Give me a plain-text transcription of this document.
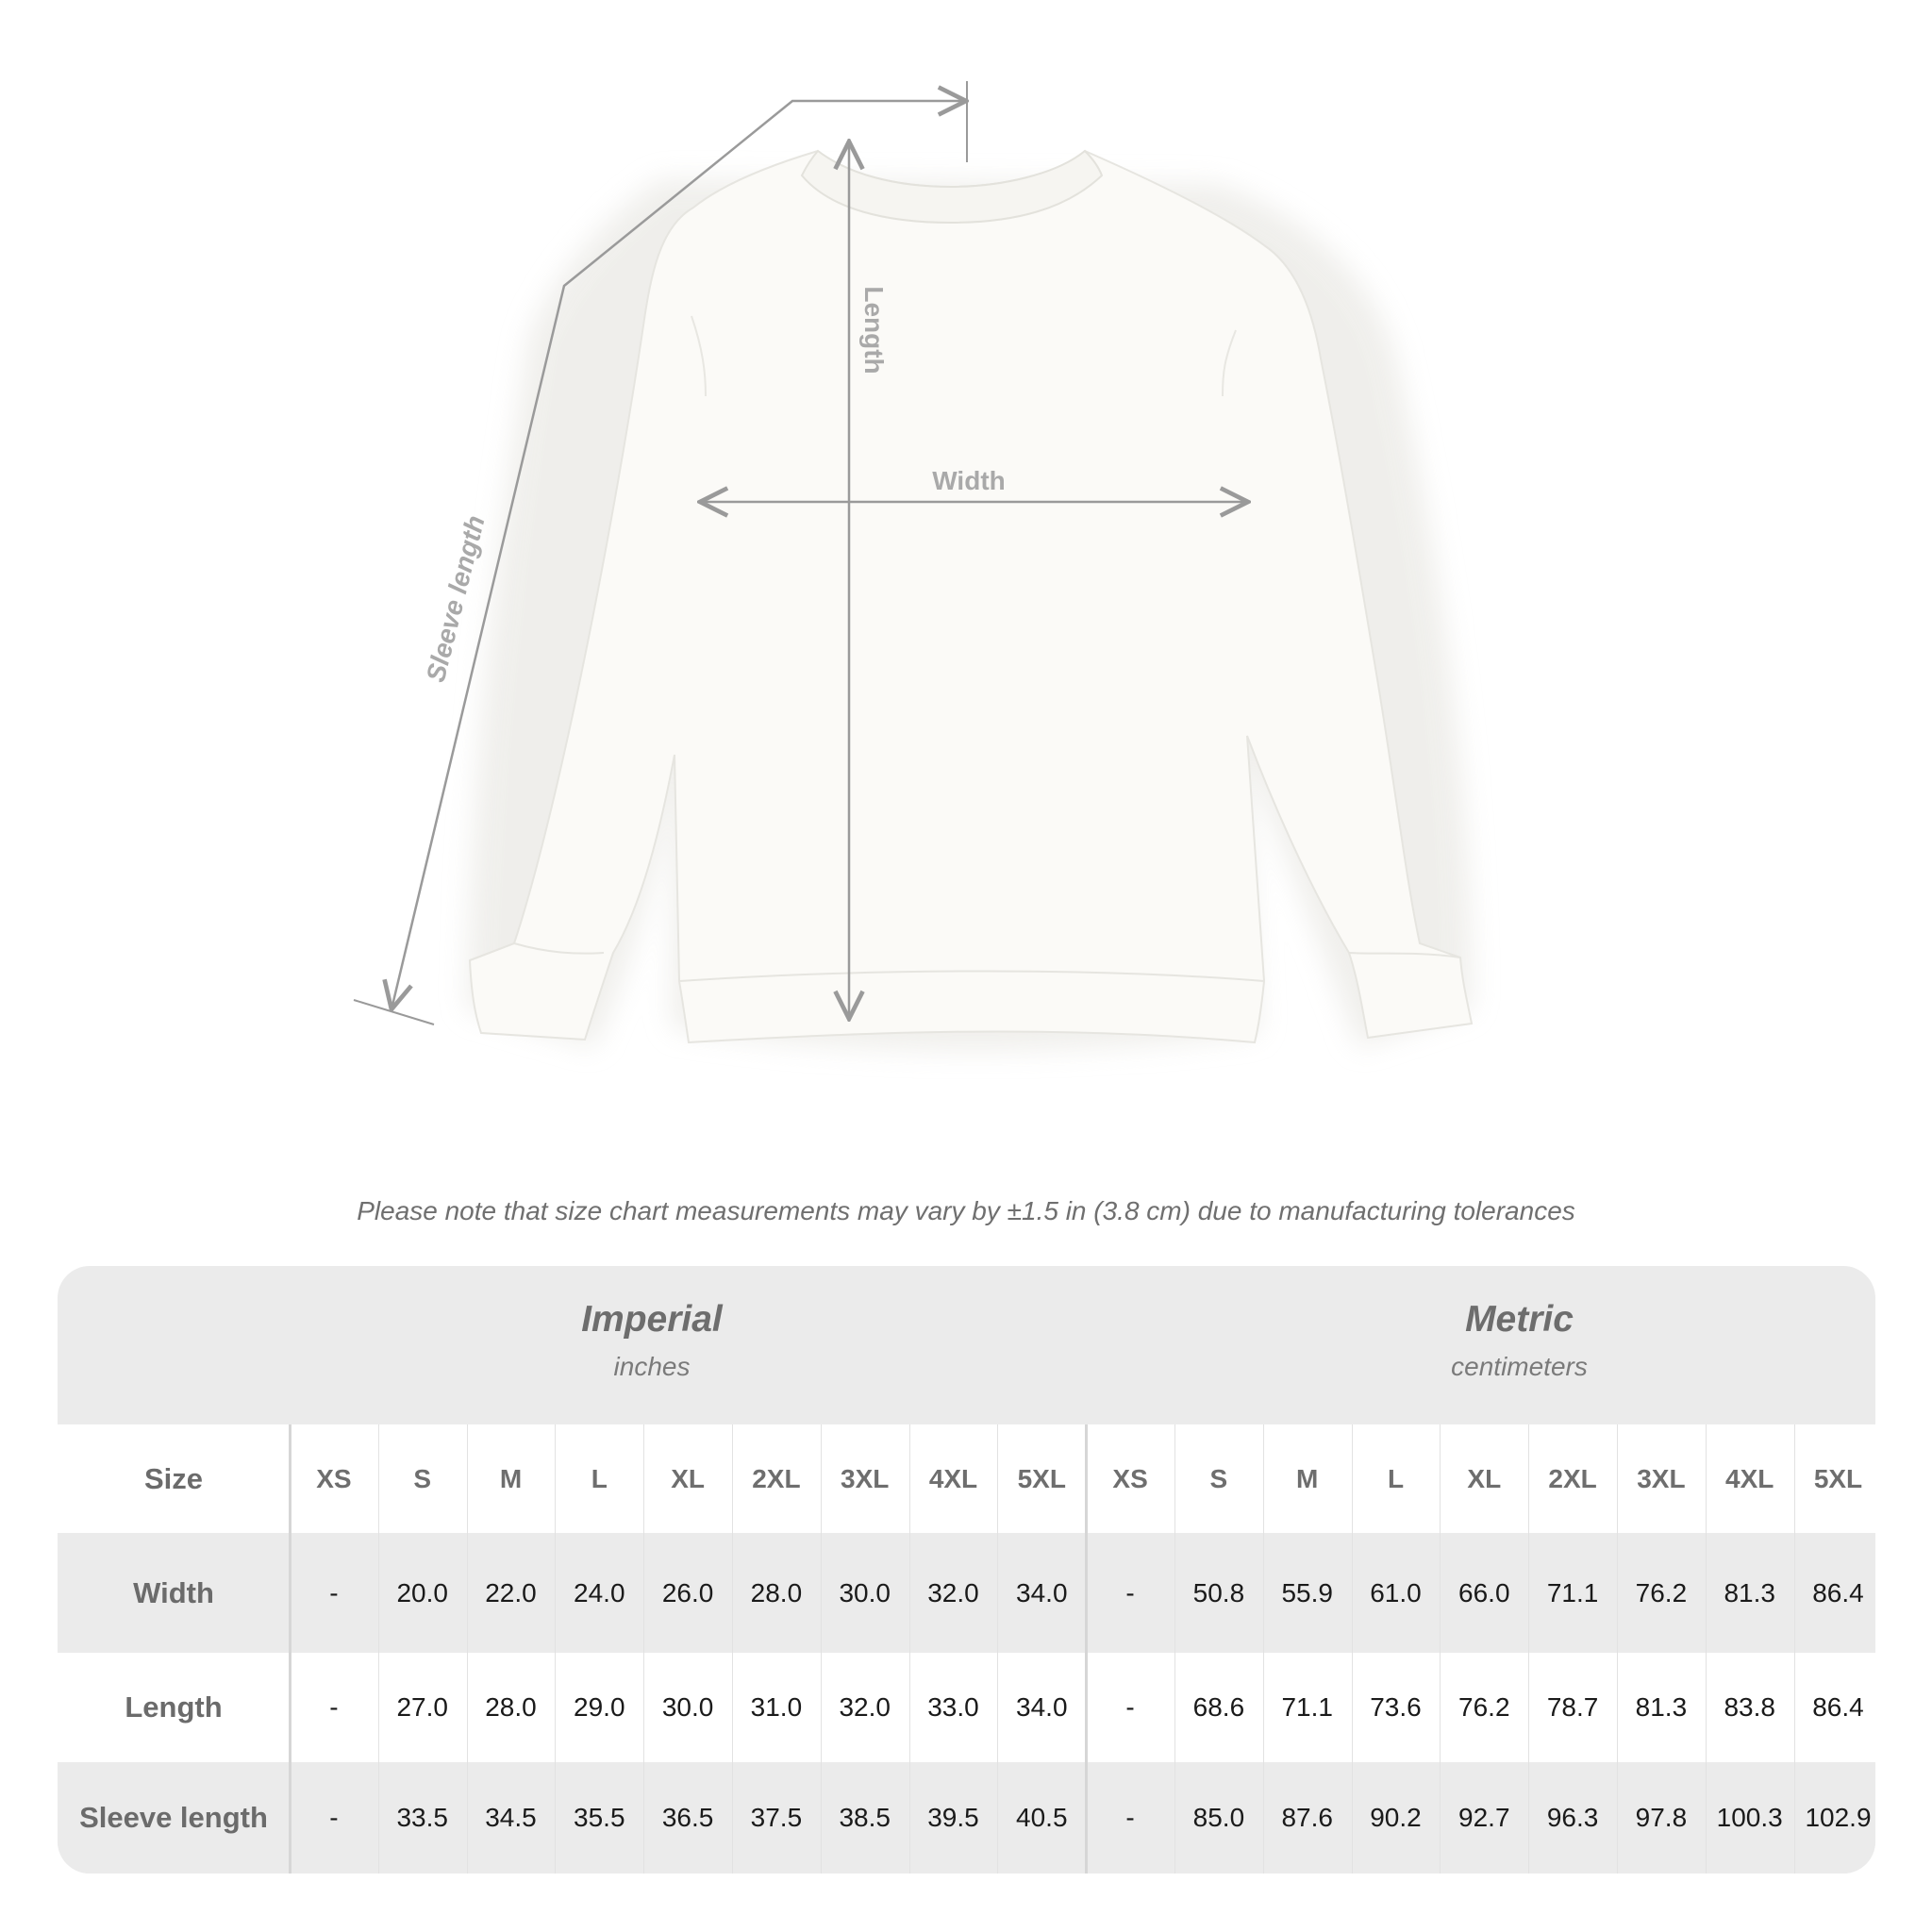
Length
Width
Sleeve length
Please note that size chart measurements may vary by ±1.5 in (3.8 cm) due to manufacturing tolerances
Imperial
inches
Metric
centimeters
Size	XS	S	M	L	XL	2XL	3XL	4XL	5XL	XS	S	M	L	XL	2XL	3XL	4XL	5XL
Width	-	20.0	22.0	24.0	26.0	28.0	30.0	32.0	34.0	-	50.8	55.9	61.0	66.0	71.1	76.2	81.3	86.4
Length	-	27.0	28.0	29.0	30.0	31.0	32.0	33.0	34.0	-	68.6	71.1	73.6	76.2	78.7	81.3	83.8	86.4
Sleeve length	-	33.5	34.5	35.5	36.5	37.5	38.5	39.5	40.5	-	85.0	87.6	90.2	92.7	96.3	97.8	100.3 102.9
